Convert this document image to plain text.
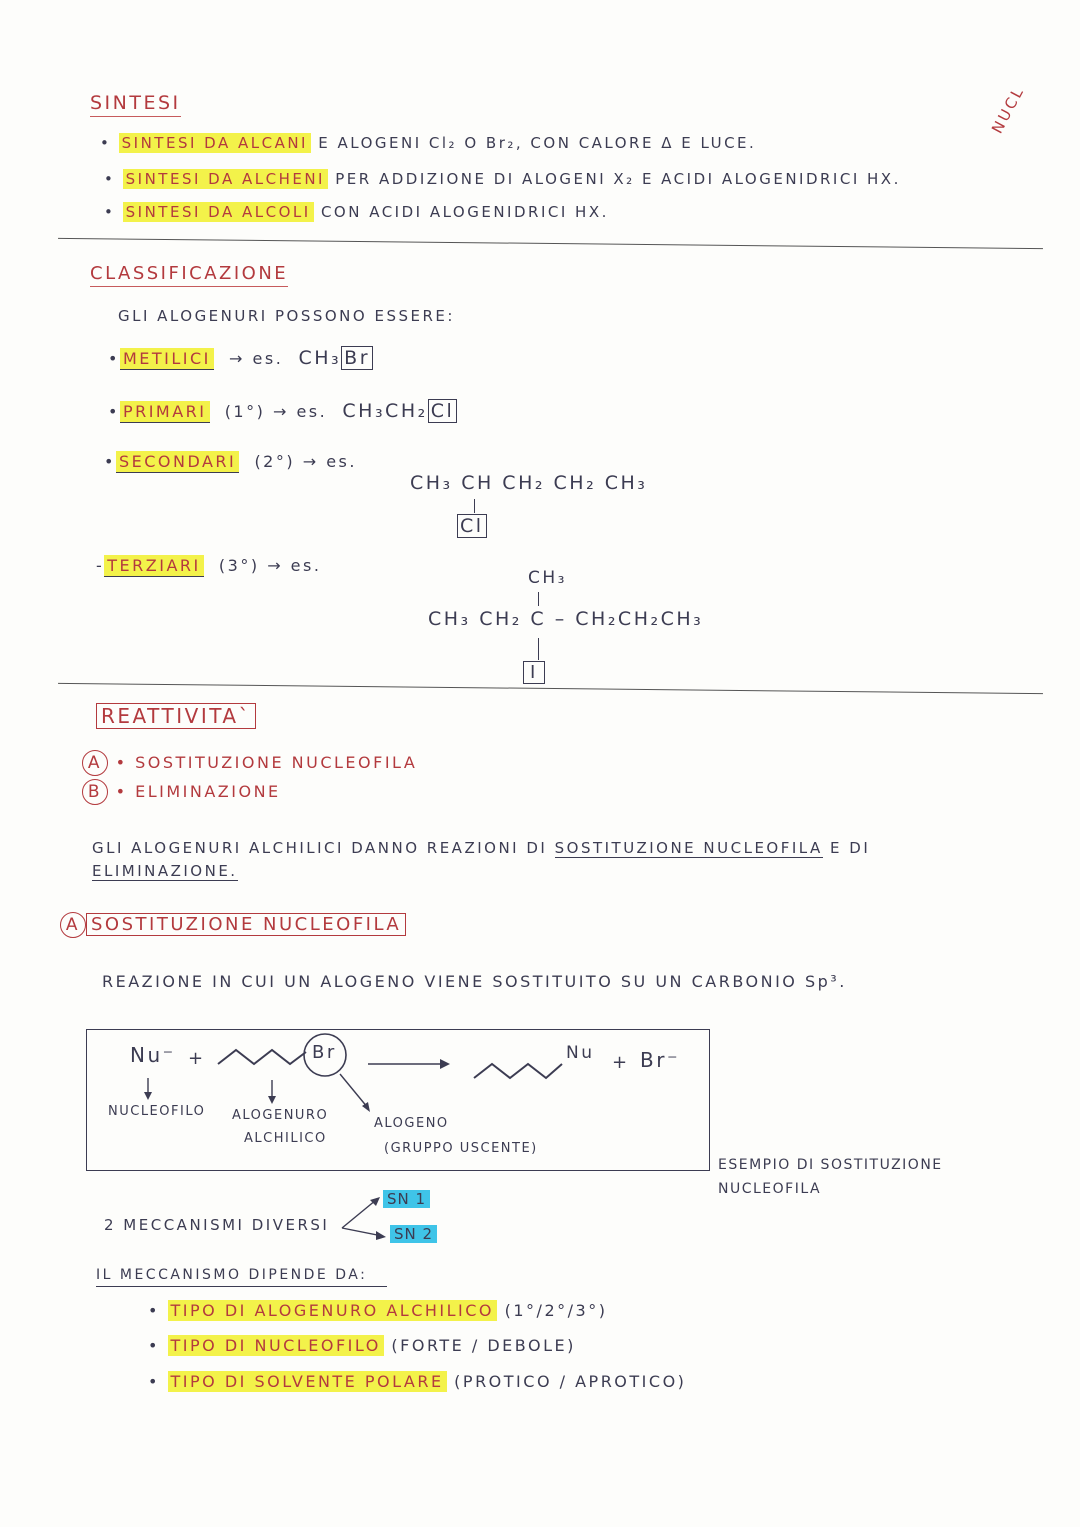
NUCL
SINTESI
• SINTESI DA ALCANI E ALOGENI Cl₂ O Br₂, CON CALORE Δ E LUCE.
• SINTESI DA ALCHENI PER ADDIZIONE DI ALOGENI X₂ E ACIDI ALOGENIDRICI HX.
• SINTESI DA ALCOLI CON ACIDI ALOGENIDRICI HX.
CLASSIFICAZIONE
GLI ALOGENURI POSSONO ESSERE:
• METILICI → es. CH₃ Br
• PRIMARI (1°) → es. CH₃CH₂ Cl
• SECONDARI (2°) → es.
CH₃ CH CH₂ CH₂ CH₃
Cl
- TERZIARI (3°) → es.
CH₃
CH₃ CH₂ C – CH₂CH₂CH₃
I
REATTIVITA`
A • SOSTITUZIONE NUCLEOFILA
B • ELIMINAZIONE
GLI ALOGENURI ALCHILICI DANNO REAZIONI DI SOSTITUZIONE NUCLEOFILA E DI
ELIMINAZIONE.
A SOSTITUZIONE NUCLEOFILA
REAZIONE IN CUI UN ALOGENO VIENE SOSTITUITO SU UN CARBONIO Sp³.
Nu⁻ +	Br	Nu + Br⁻
NUCLEOFILO ALOGENURO
ALCHILICO
ALOGENO
(GRUPPO USCENTE)
ESEMPIO DI SOSTITUZIONE
NUCLEOFILA
2 MECCANISMI DIVERSI
SN 1
SN 2
IL MECCANISMO DIPENDE DA:
• TIPO DI ALOGENURO ALCHILICO (1°/2°/3°)
• TIPO DI NUCLEOFILO (FORTE / DEBOLE)
• TIPO DI SOLVENTE POLARE (PROTICO / APROTICO)
